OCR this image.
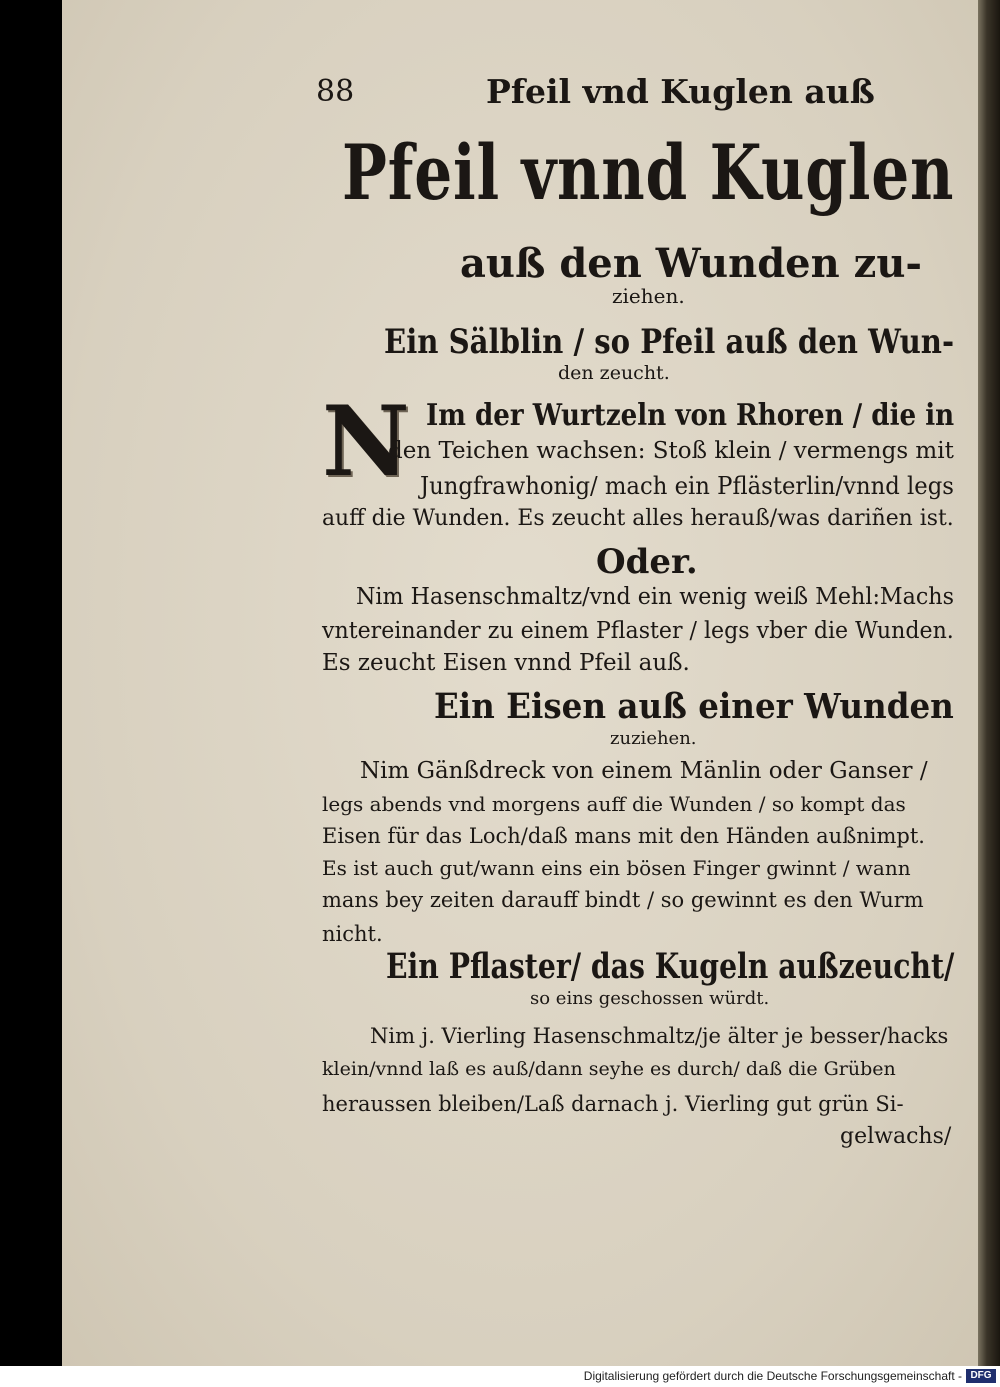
88	Pfeil vnd Kuglen auß
Pfeil vnnd Kuglen
auß den Wunden zu-
ziehen.
Ein Sälblin / so Pfeil auß den Wun-
den zeucht.
N Im der Wurtzeln von Rhoren / die in
den Teichen wachsen: Stoß klein / vermengs mit
Jungfrawhonig/ mach ein Pflästerlin/vnnd legs
auff die Wunden. Es zeucht alles herauß/was dariñen ist.
Oder.
Nim Hasenschmaltz/vnd ein wenig weiß Mehl:Machs
vntereinander zu einem Pflaster / legs vber die Wunden.
Es zeucht Eisen vnnd Pfeil auß.
Ein Eisen auß einer Wunden
zuziehen.
Nim Gänßdreck von einem Mänlin oder Ganser /
legs abends vnd morgens auff die Wunden / so kompt das
Eisen für das Loch/daß mans mit den Händen außnimpt.
Es ist auch gut/wann eins ein bösen Finger gwinnt / wann
mans bey zeiten darauff bindt / so gewinnt es den Wurm
nicht.
Ein Pflaster/ das Kugeln außzeucht/
so eins geschossen würdt.
Nim j. Vierling Hasenschmaltz/je älter je besser/hacks
klein/vnnd laß es auß/dann seyhe es durch/ daß die Grüben
heraussen bleiben/Laß darnach j. Vierling gut grün Si-
gelwachs/
Digitalisierung gefördert durch die Deutsche Forschungsgemeinschaft - DFG
